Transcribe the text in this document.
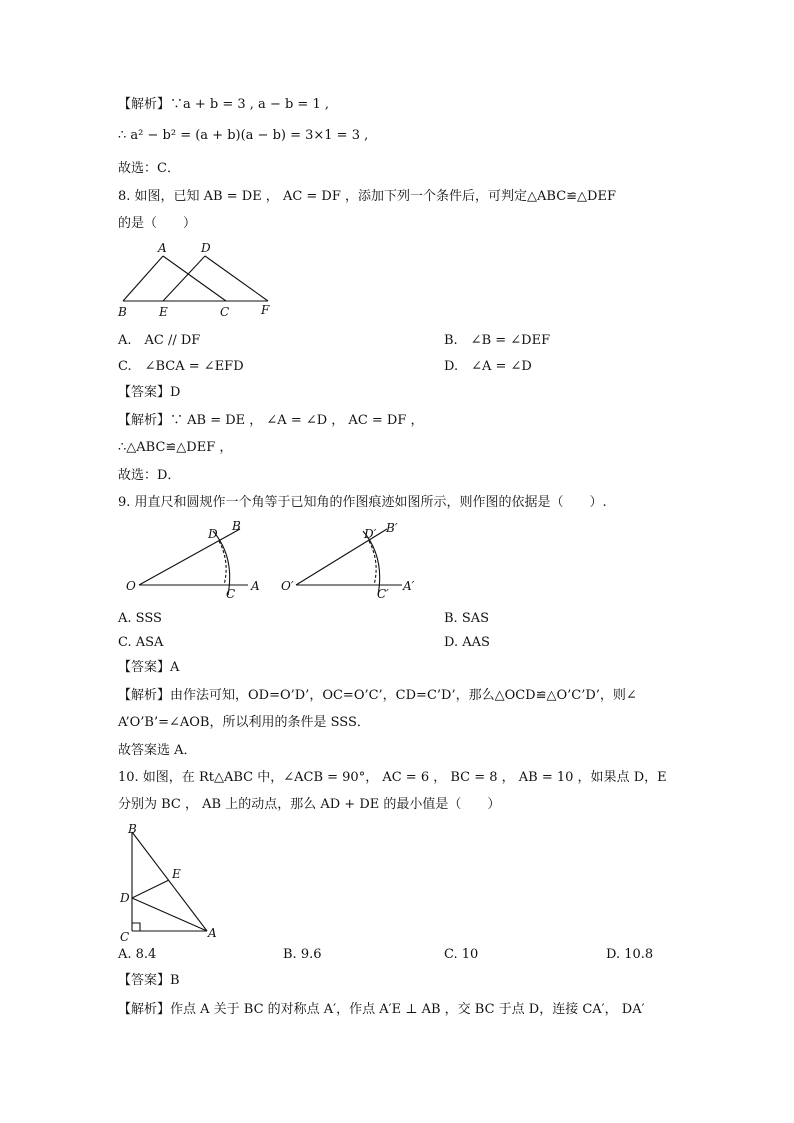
【解析】∵a + b = 3 , a − b = 1 ,
∴ a² − b² = (a + b)(a − b) = 3×1 = 3 ,
故选：C．
8. 如图，已知 AB = DE ， AC = DF ，添加下列一个条件后，可判定△ABC≌△DEF
的是（　　）
A	D
B	E	C	F
A.　AC // DF	B.　∠B = ∠DEF
C.　∠BCA = ∠EFD	D.　∠A = ∠D
【答案】D
【解析】∵ AB = DE ， ∠A = ∠D ， AC = DF ，
∴△ABC≌△DEF ，
故选：D．
9. 用直尺和圆规作一个角等于已知角的作图痕迹如图所示，则作图的依据是（　　）.
O	A
B
D
C
O′	A′
B′
D′
C′
A. SSS	B. SAS
C. ASA	D. AAS
【答案】A
【解析】由作法可知，OD=O’D’，OC=O’C’，CD=C’D’，那么△OCD≌△O’C’D’，则∠
A’O’B’=∠AOB，所以利用的条件是 SSS．
故答案选 A．
10. 如图，在 Rt△ABC 中，∠ACB = 90°， AC = 6 ， BC = 8 ， AB = 10 ，如果点 D，E
分别为 BC ， AB 上的动点，那么 AD + DE 的最小值是（　　）
B
E
D
C	A
A. 8.4	B. 9.6	C. 10	D. 10.8
【答案】B
【解析】作点 A 关于 BC 的对称点 A′，作点 A′E ⊥ AB ，交 BC 于点 D，连接 CA′， DA′
